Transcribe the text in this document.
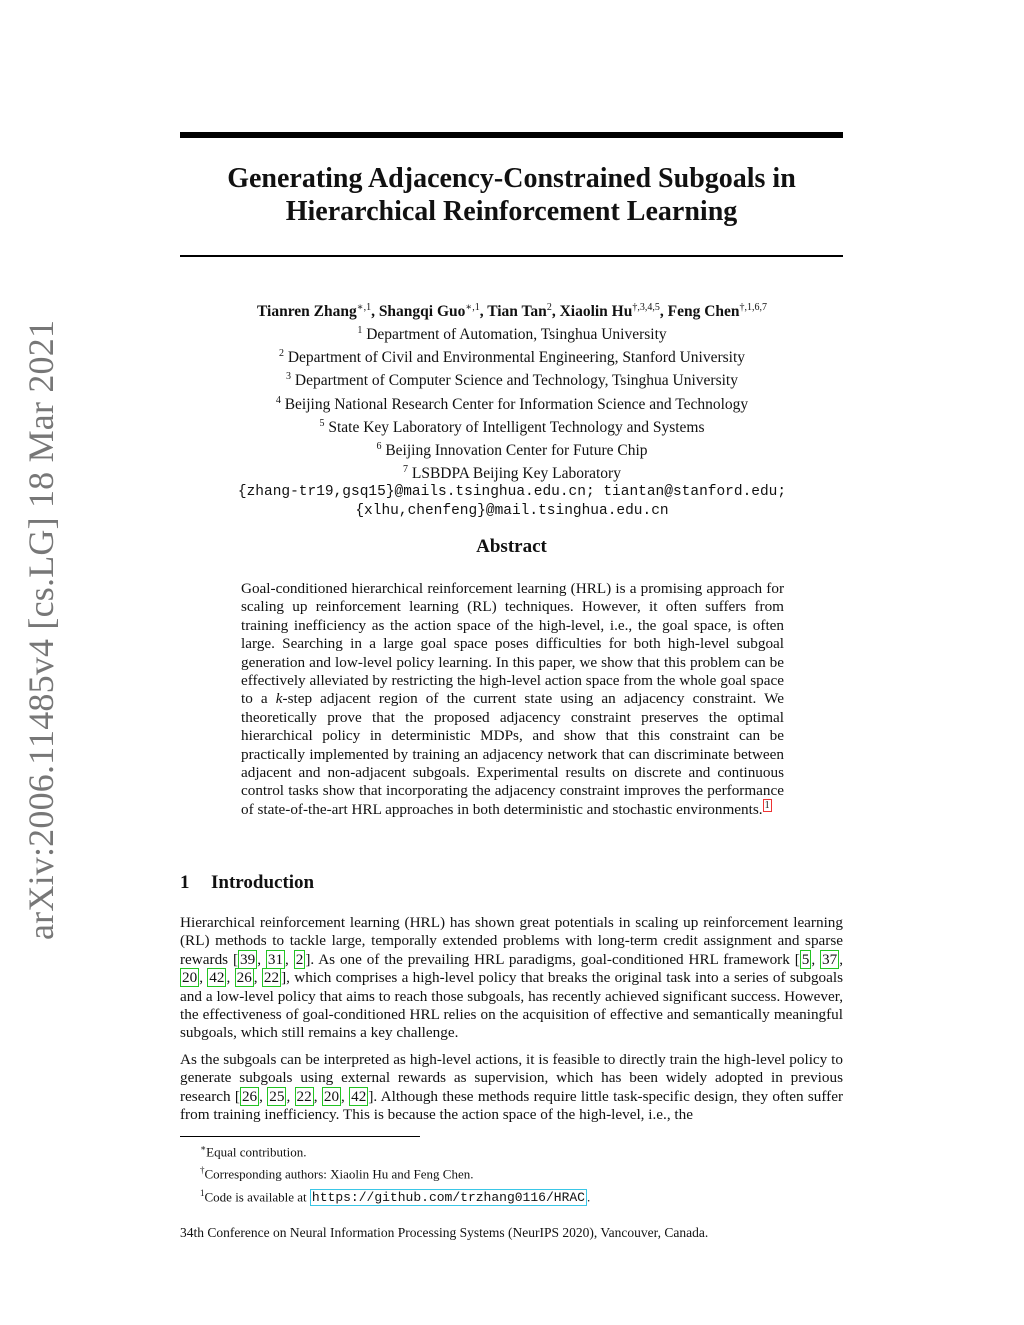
arXiv:2006.11485v4 [cs.LG] 18 Mar 2021
Generating Adjacency-Constrained Subgoals in
Hierarchical Reinforcement Learning
Tianren Zhang$^{∗,1}$, Shangqi Guo$^{∗,1}$, Tian Tan$^2$, Xiaolin $Hu^{\dagger,3,4,5}$, Feng Chen$^{\dagger,1,6,7}$
$^1$ Department of Automation, Tsinghua University
$^2$ Department of Civil and Environmental Engineering, Stanford University
$^3$ Department of Computer Science and Technology, Tsinghua University
$^4$ Beijing National Research Center for Information Science and Technology
$^5$ State Key Laboratory of Intelligent Technology and Systems
$^6$ Beijing Innovation Center for Future Chip
$^7$ LSBDPA Beijing Key Laboratory
{zhang-tr19,gsq15}@mails.tsinghua.edu.cn; tiantan@stanford.edu;
{xlhu,chenfeng}@mail.tsinghua.edu.cn
Abstract
Goal-conditioned hierarchical reinforcement learning (HRL) is a promising approach for scaling up reinforcement learning (RL) techniques. However, it often suffers from training inefficiency as the action space of the high-level, i.e., the goal space, is often large. Searching in a large goal space poses difficulties for both high-level subgoal generation and low-level policy learning. In this paper, we show that this problem can be effectively alleviated by restricting the high-level action space from the whole goal space to a k-step adjacent region of the current state using an adjacency constraint. We theoretically prove that the proposed adjacency constraint preserves the optimal hierarchical policy in deterministic MDPs, and show that this constraint can be practically implemented by training an adjacency network that can discriminate between adjacent and non-adjacent subgoals. Experimental results on discrete and continuous control tasks show that incorporating the adjacency constraint improves the performance of state-of-the-art HRL approaches in both deterministic and stochastic environments. $^1$
1 Introduction
Hierarchical reinforcement learning (HRL) has shown great potentials in scaling up reinforcement learning (RL) methods to tackle large, temporally extended problems with long-term credit assignment and sparse rewards [ 39 , 31 , 2 ]. As one of the prevailing HRL paradigms, goal-conditioned HRL framework [ 5 , 37 , 20 , 42 , 26 , 22 ], which comprises a high-level policy that breaks the original task into a series of subgoals and a low-level policy that aims to reach those subgoals, has recently achieved significant success. However, the effectiveness of goal-conditioned HRL relies on the acquisition of effective and semantically meaningful subgoals, which still remains a key challenge.
As the subgoals can be interpreted as high-level actions, it is feasible to directly train the high-level policy to generate subgoals using external rewards as supervision, which has been widely adopted in previous research [ 26 , 25 , 22 , 20 , 42 ]. Although these methods require little task-specific design, they often suffer from training inefficiency. This is because the action space of the high-level, i.e., the
∗Equal contribution.
†Corresponding authors: Xiaolin Hu and Feng Chen.
$^1$Code is available at https://github.com/trzhang0116/HRAC .
34th Conference on Neural Information Processing Systems (NeurIPS 2020), Vancouver, Canada.
